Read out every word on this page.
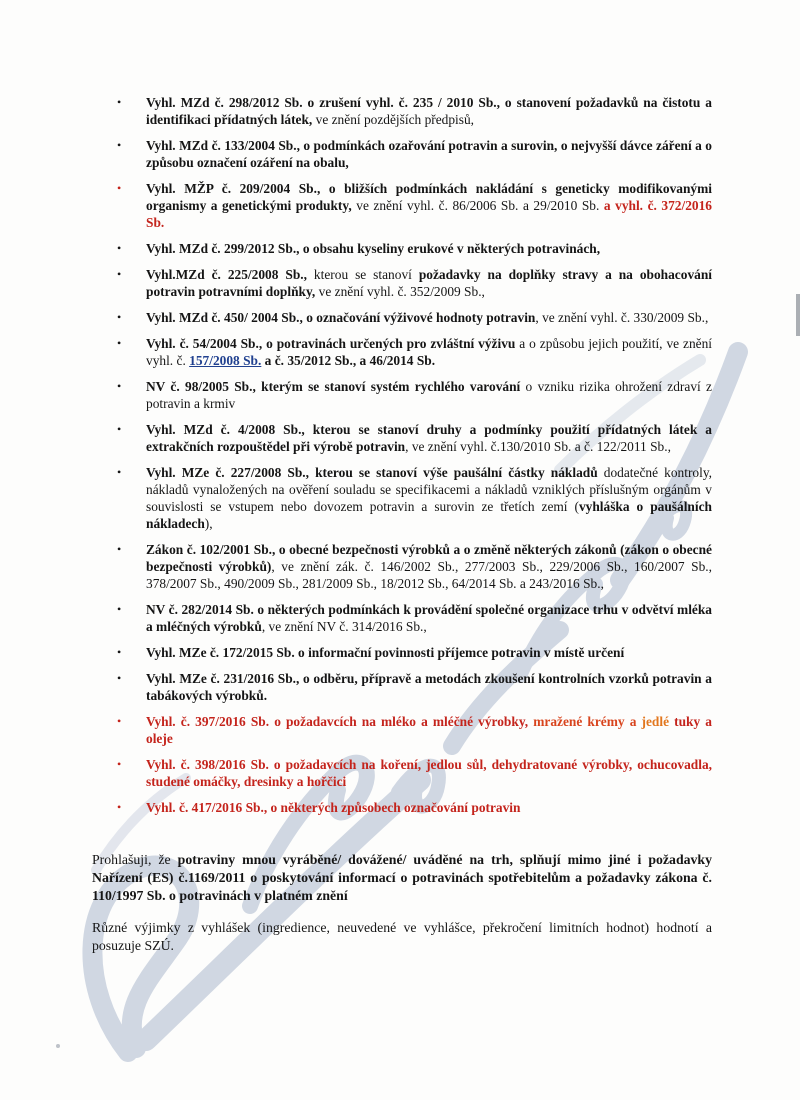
•	Vyhl. MZd č. 298/2012 Sb. o zrušení vyhl. č. 235 / 2010 Sb., o stanovení požadavků na čistotu a identifikaci přídatných látek, ve znění pozdějších předpisů,
•	Vyhl. MZd č. 133/2004 Sb., o podmínkách ozařování potravin a surovin, o nejvyšší dávce záření a o způsobu označení ozáření na obalu,
•	Vyhl. MŽP č. 209/2004 Sb., o bližších podmínkách nakládání s geneticky modifikovanými organismy a genetickými produkty, ve znění vyhl. č. 86/2006 Sb. a 29/2010 Sb. a vyhl. č. 372/2016 Sb.
•	Vyhl. MZd č. 299/2012 Sb., o obsahu kyseliny erukové v některých potravinách,
•	Vyhl.MZd č. 225/2008 Sb., kterou se stanoví požadavky na doplňky stravy a na obohacování potravin potravními doplňky, ve znění vyhl. č. 352/2009 Sb.,
•	Vyhl. MZd č. 450/ 2004 Sb., o označování výživové hodnoty potravin, ve znění vyhl. č. 330/2009 Sb.,
•	Vyhl. č. 54/2004 Sb., o potravinách určených pro zvláštní výživu a o způsobu jejich použití, ve znění vyhl. č. 157/2008 Sb. a č. 35/2012 Sb., a 46/2014 Sb.
•	NV č. 98/2005 Sb., kterým se stanoví systém rychlého varování o vzniku rizika ohrožení zdraví z potravin a krmiv
•	Vyhl. MZd č. 4/2008 Sb., kterou se stanoví druhy a podmínky použití přídatných látek a extrakčních rozpouštědel při výrobě potravin, ve znění vyhl. č.130/2010 Sb. a č. 122/2011 Sb.,
•	Vyhl. MZe č. 227/2008 Sb., kterou se stanoví výše paušální částky nákladů dodatečné kontroly, nákladů vynaložených na ověření souladu se specifikacemi a nákladů vzniklých příslušným orgánům v souvislosti se vstupem nebo dovozem potravin a surovin ze třetích zemí (vyhláška o paušálních nákladech),
•	Zákon č. 102/2001 Sb., o obecné bezpečnosti výrobků a o změně některých zákonů (zákon o obecné bezpečnosti výrobků), ve znění zák. č. 146/2002 Sb., 277/2003 Sb., 229/2006 Sb., 160/2007 Sb., 378/2007 Sb., 490/2009 Sb., 281/2009 Sb., 18/2012 Sb., 64/2014 Sb. a 243/2016 Sb.,
•	NV č. 282/2014 Sb. o některých podmínkách k provádění společné organizace trhu v odvětví mléka a mléčných výrobků, ve znění NV č. 314/2016 Sb.,
•	Vyhl. MZe č. 172/2015 Sb. o informační povinnosti příjemce potravin v místě určení
•	Vyhl. MZe č. 231/2016 Sb., o odběru, přípravě a metodách zkoušení kontrolních vzorků potravin a tabákových výrobků.
•	Vyhl. č. 397/2016 Sb. o požadavcích na mléko a mléčné výrobky, mražené krémy a jedlé tuky a oleje
•	Vyhl. č. 398/2016 Sb. o požadavcích na koření, jedlou sůl, dehydratované výrobky, ochucovadla, studené omáčky, dresinky a hořčici
•	Vyhl. č. 417/2016 Sb., o některých způsobech označování potravin
Prohlašuji, že potraviny mnou vyráběné/ dovážené/ uváděné na trh, splňují mimo jiné i požadavky Nařízení (ES) č.1169/2011 o poskytování informací o potravinách spotřebitelům a požadavky zákona č. 110/1997 Sb. o potravinách v platném znění
Různé výjimky z vyhlášek (ingredience, neuvedené ve vyhlášce, překročení limitních hodnot) hodnotí a posuzuje SZÚ.
